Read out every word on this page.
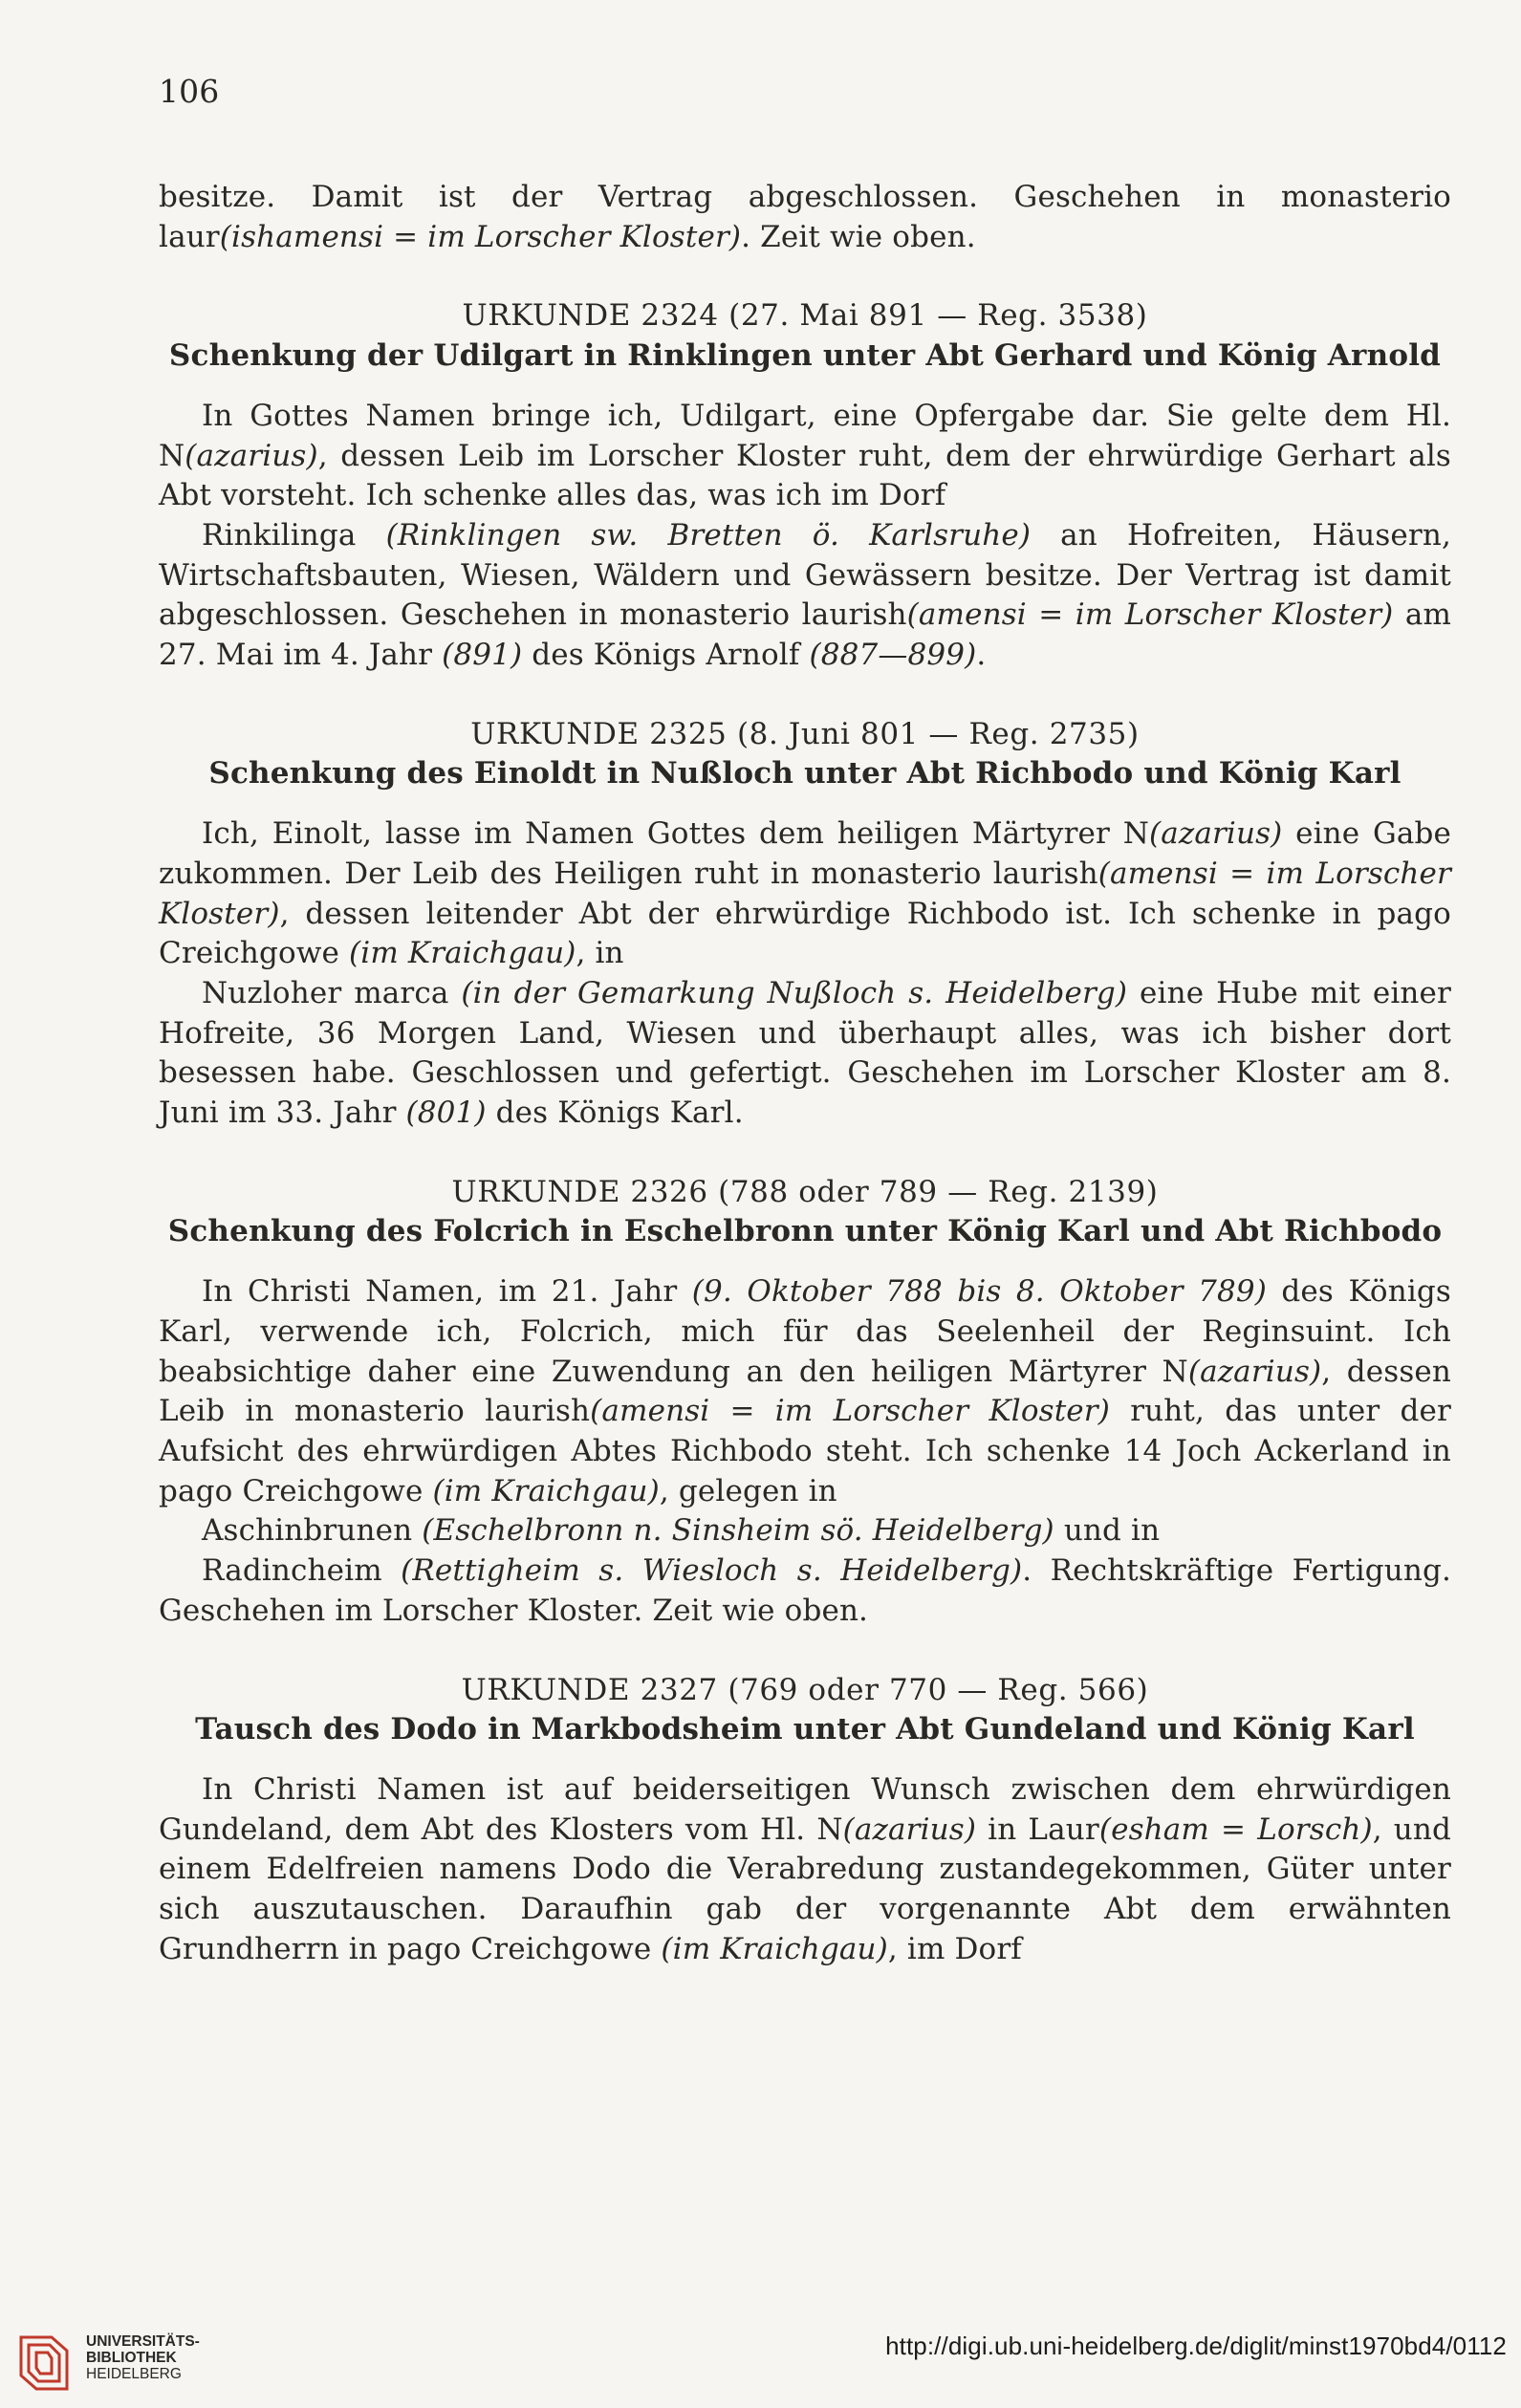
106

besitze. Damit ist der Vertrag abgeschlossen. Geschehen in monasterio laur(ishamensi = im Lorscher Kloster). Zeit wie oben.

URKUNDE 2324 (27. Mai 891 — Reg. 3538)
Schenkung der Udilgart in Rinklingen unter Abt Gerhard und König Arnold

In Gottes Namen bringe ich, Udilgart, eine Opfergabe dar. Sie gelte dem Hl. N(azarius), dessen Leib im Lorscher Kloster ruht, dem der ehrwürdige Gerhart als Abt vorsteht. Ich schenke alles das, was ich im Dorf

Rinkilinga (Rinklingen sw. Bretten ö. Karlsruhe) an Hofreiten, Häusern, Wirtschaftsbauten, Wiesen, Wäldern und Gewässern besitze. Der Vertrag ist damit abgeschlossen. Geschehen in monasterio laurish(amensi = im Lorscher Kloster) am 27. Mai im 4. Jahr (891) des Königs Arnolf (887—899).

URKUNDE 2325 (8. Juni 801 — Reg. 2735)
Schenkung des Einoldt in Nußloch unter Abt Richbodo und König Karl

Ich, Einolt, lasse im Namen Gottes dem heiligen Märtyrer N(azarius) eine Gabe zukommen. Der Leib des Heiligen ruht in monasterio laurish(amensi = im Lorscher Kloster), dessen leitender Abt der ehrwürdige Richbodo ist. Ich schenke in pago Creichgowe (im Kraichgau), in

Nuzloher marca (in der Gemarkung Nußloch s. Heidelberg) eine Hube mit einer Hofreite, 36 Morgen Land, Wiesen und überhaupt alles, was ich bisher dort besessen habe. Geschlossen und gefertigt. Geschehen im Lorscher Kloster am 8. Juni im 33. Jahr (801) des Königs Karl.

URKUNDE 2326 (788 oder 789 — Reg. 2139)
Schenkung des Folcrich in Eschelbronn unter König Karl und Abt Richbodo

In Christi Namen, im 21. Jahr (9. Oktober 788 bis 8. Oktober 789) des Königs Karl, verwende ich, Folcrich, mich für das Seelenheil der Reginsuint. Ich beabsichtige daher eine Zuwendung an den heiligen Märtyrer N(azarius), dessen Leib in monasterio laurish(amensi = im Lorscher Kloster) ruht, das unter der Aufsicht des ehrwürdigen Abtes Richbodo steht. Ich schenke 14 Joch Ackerland in pago Creichgowe (im Kraichgau), gelegen in

Aschinbrunen (Eschelbronn n. Sinsheim sö. Heidelberg) und in

Radincheim (Rettigheim s. Wiesloch s. Heidelberg). Rechtskräftige Fertigung. Geschehen im Lorscher Kloster. Zeit wie oben.

URKUNDE 2327 (769 oder 770 — Reg. 566)
Tausch des Dodo in Markbodsheim unter Abt Gundeland und König Karl

In Christi Namen ist auf beiderseitigen Wunsch zwischen dem ehrwürdigen Gundeland, dem Abt des Klosters vom Hl. N(azarius) in Laur(esham = Lorsch), und einem Edelfreien namens Dodo die Verabredung zustandegekommen, Güter unter sich auszutauschen. Daraufhin gab der vorgenannte Abt dem erwähnten Grundherrn in pago Creichgowe (im Kraichgau), im Dorf

UNIVERSITÄTS-
BIBLIOTHEK
HEIDELBERG
http://digi.ub.uni-heidelberg.de/diglit/minst1970bd4/0112
